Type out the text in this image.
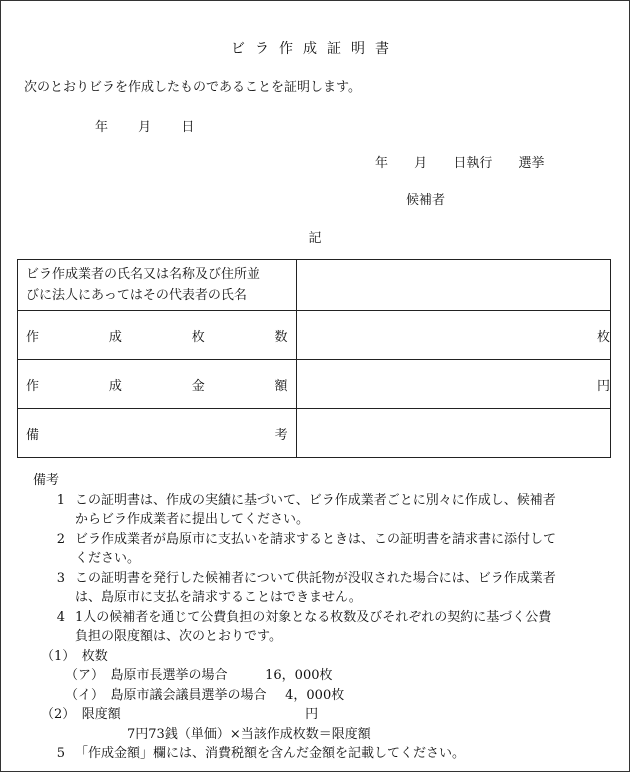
ビラ作成証明書
次のとおりビラを作成したものであることを証明します。
年 月 日
年 月 日執行 選挙
候補者
記
ビラ作成業者の氏名又は名称及び住所並
びに法人にあってはその代表者の氏名	

作 成 枚 数	枚

作 成 金 額	円

備 考	

備考
1 この証明書は、作成の実績に基づいて、ビラ作成業者ごとに別々に作成し、候補者
からビラ作成業者に提出してください。
2 ビラ作成業者が島原市に支払いを請求するときは、この証明書を請求書に添付して
ください。
3 この証明書を発行した候補者について供託物が没収された場合には、ビラ作成業者
は、島原市に支払を請求することはできません。
4 1人の候補者を通じて公費負担の対象となる枚数及びそれぞれの契約に基づく公費
負担の限度額は、次のとおりです。
（1）　枚数
（ア）　島原市長選挙の場合	16，000枚
（イ）　島原市議会議員選挙の場合 4，000枚
（2）　限度額	円
7円73銭（単価）×当該作成枚数＝限度額
5 「作成金額」欄には、消費税額を含んだ金額を記載してください。
